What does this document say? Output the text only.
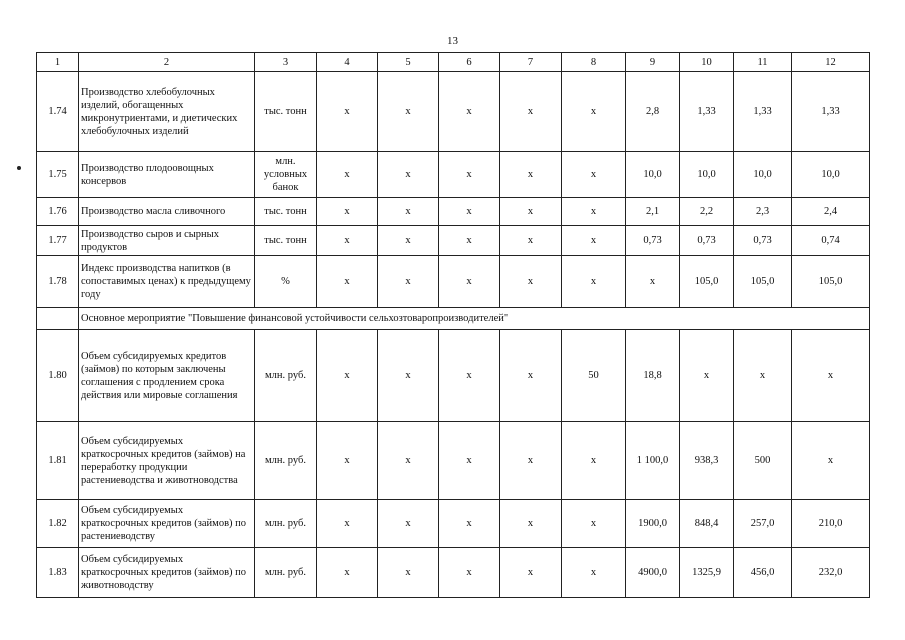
13
1	2	3	4	5	6	7	8	9	10	11	12
1.74	Производство хлебобулочных изделий, обогащенных микронутриентами, и диетических хлебобулочных изделий	тыс. тонн	х	х	х	х	х	2,8	1,33	1,33	1,33
1.75	Производство плодоовощных консервов	млн. условных банок	х	х	х	х	х	10,0	10,0	10,0	10,0
1.76	Производство масла сливочного	тыс. тонн	х	х	х	х	х	2,1	2,2	2,3	2,4
1.77	Производство сыров и сырных продуктов	тыс. тонн	х	х	х	х	х	0,73	0,73	0,73	0,74
1.78	Индекс производства напитков (в сопоставимых ценах) к предыдущему году	%	х	х	х	х	х	х	105,0	105,0	105,0
	Основное мероприятие "Повышение финансовой устойчивости сельхозтоваропроизводителей"										
1.80	Объем субсидируемых кредитов (займов) по которым заключены соглашения с продлением срока действия или мировые соглашения	млн. руб.	х	х	х	х	50	18,8	х	х	х
1.81	Объем субсидируемых краткосрочных кредитов (займов) на переработку продукции растениеводства и животноводства	млн. руб.	х	х	х	х	х	1 100,0	938,3	500	х
1.82	Объем субсидируемых краткосрочных кредитов (займов) по растениеводству	млн. руб.	х	х	х	х	х	1900,0	848,4	257,0	210,0
1.83	Объем субсидируемых краткосрочных кредитов (займов) по животноводству	млн. руб.	х	х	х	х	х	4900,0	1325,9	456,0	232,0
